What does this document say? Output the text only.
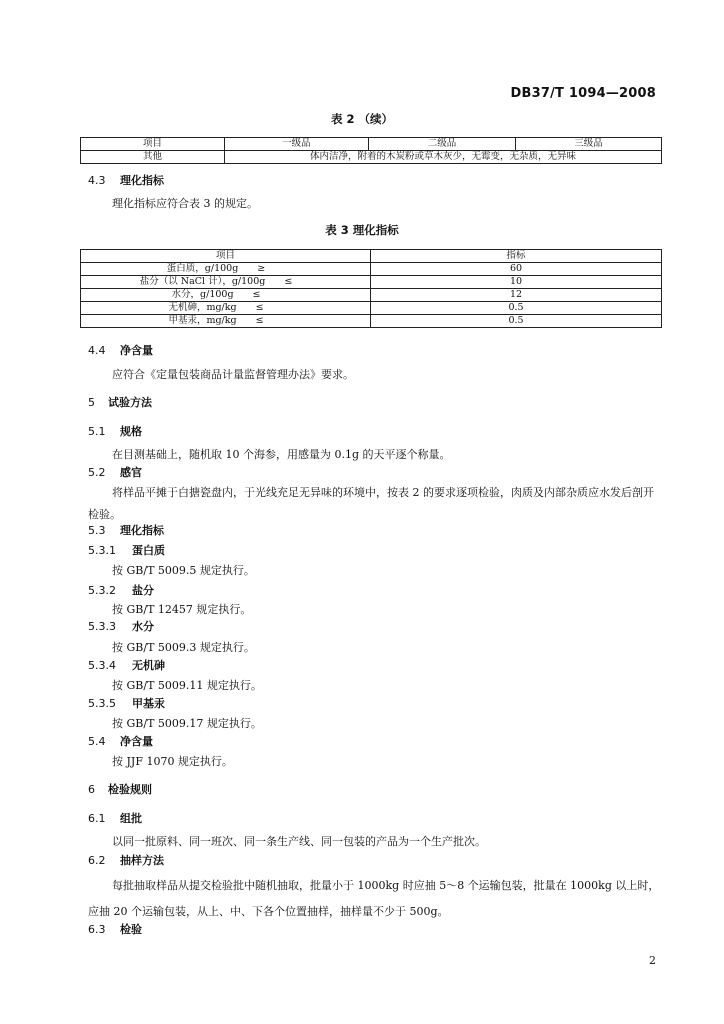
DB37/T 1094—2008
表 2 （续）
项目	一级品	二级品	三级品
其他	体内洁净，附着的木炭粉或草木灰少，无霉变，无杂质，无异味		
4.3 理化指标
理化指标应符合表 3 的规定。
表 3 理化指标
项目	指标
蛋白质，g/100g ≥	60
盐分（以 NaCl 计），g/100g ≤	10
水分，g/100g ≤	12
无机砷，mg/kg ≤	0.5
甲基汞，mg/kg ≤	0.5
4.4 净含量
应符合《定量包装商品计量监督管理办法》要求。
5 试验方法
5.1 规格
在目测基础上，随机取 10 个海参，用感量为 0.1g 的天平逐个称量。
5.2 感官
将样品平摊于白搪瓷盘内，于光线充足无异味的环境中，按表 2 的要求逐项检验，肉质及内部杂质应水发后剖开检验。
5.3 理化指标
5.3.1 蛋白质
按 GB/T 5009.5 规定执行。
5.3.2 盐分
按 GB/T 12457 规定执行。
5.3.3 水分
按 GB/T 5009.3 规定执行。
5.3.4 无机砷
按 GB/T 5009.11 规定执行。
5.3.5 甲基汞
按 GB/T 5009.17 规定执行。
5.4 净含量
按 JJF 1070 规定执行。
6 检验规则
6.1 组批
以同一批原料、同一班次、同一条生产线、同一包装的产品为一个生产批次。
6.2 抽样方法
每批抽取样品从提交检验批中随机抽取，批量小于 1000kg 时应抽 5～8 个运输包装，批量在 1000kg 以上时，应抽 20 个运输包装，从上、中、下各个位置抽样，抽样量不少于 500g。
6.3 检验
2
